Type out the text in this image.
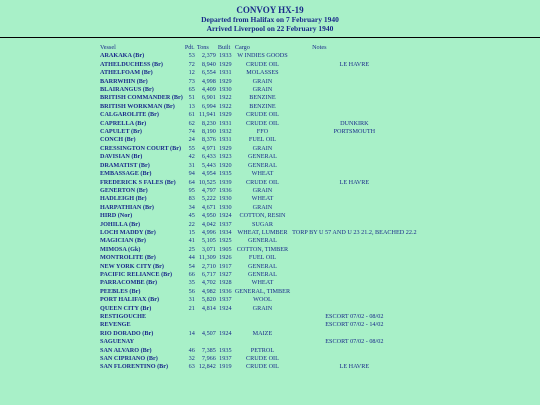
CONVOY HX-19
Departed from Halifax on 7 February 1940
Arrived Liverpool on 22 February 1940
Vessel	Pdt.	Tons	Built	Cargo	Notes
ARAKAKA (Br)	53	2,379	1933	W INDIES GOODS	
ATHELDUCHESS (Br)	72	8,940	1929	CRUDE OIL	LE HAVRE
ATHELFOAM (Br)	12	6,554	1931	MOLASSES	
BARRWHIN (Br)	73	4,998	1929	GRAIN	
BLAIRANGUS (Br)	65	4,409	1930	GRAIN	
BRITISH COMMANDER (Br)	51	6,901	1922	BENZINE	
BRITISH WORKMAN (Br)	13	6,994	1922	BENZINE	
CALGAROLITE (Br)	61	11,941	1929	CRUDE OIL	
CAPRELLA (Br)	62	8,230	1931	CRUDE OIL	DUNKIRK
CAPULET (Br)	74	8,190	1932	FFO	PORTSMOUTH
CONCH (Br)	24	8,376	1931	FUEL OIL	
CRESSINGTON COURT (Br)	55	4,971	1929	GRAIN	
DAVISIAN (Br)	42	6,433	1923	GENERAL	
DRAMATIST (Br)	31	5,443	1920	GENERAL	
EMBASSAGE (Br)	94	4,954	1935	WHEAT	
FREDERICK S FALES (Br)	64	10,525	1939	CRUDE OIL	LE HAVRE
GENERTON (Br)	95	4,797	1936	GRAIN	
HADLEIGH (Br)	83	5,222	1930	WHEAT	
HARPATHIAN (Br)	34	4,671	1930	GRAIN	
HIRD (Nor)	45	4,950	1924	COTTON, RESIN	
JOHILLA (Br)	22	4,042	1937	SUGAR	
LOCH MADDY (Br)	15	4,996	1934	WHEAT, LUMBER	TORP BY U 57 AND U 23 21.2, BEACHED 22.2
MAGICIAN (Br)	41	5,105	1925	GENERAL	
MIMOSA (Gk)	25	3,071	1905	COTTON, TIMBER	
MONTROLITE (Br)	44	11,309	1926	FUEL OIL	
NEW YORK CITY (Br)	54	2,710	1917	GENERAL	
PACIFIC RELIANCE (Br)	66	6,717	1927	GENERAL	
PARRACOMBE (Br)	35	4,702	1928	WHEAT	
PEEBLES (Br)	56	4,982	1936	GENERAL, TIMBER	
PORT HALIFAX (Br)	31	5,820	1937	WOOL	
QUEEN CITY (Br)	21	4,814	1924	GRAIN	
RESTIGOUCHE					ESCORT 07/02 - 08/02
REVENGE					ESCORT 07/02 - 14/02
RIO DORADO (Br)	14	4,507	1924	MAIZE	
SAGUENAY					ESCORT 07/02 - 08/02
SAN ALVARO (Br)	46	7,385	1935	PETROL	
SAN CIPRIANO (Br)	32	7,966	1937	CRUDE OIL	
SAN FLORENTINO (Br)	63	12,842	1919	CRUDE OIL	LE HAVRE
